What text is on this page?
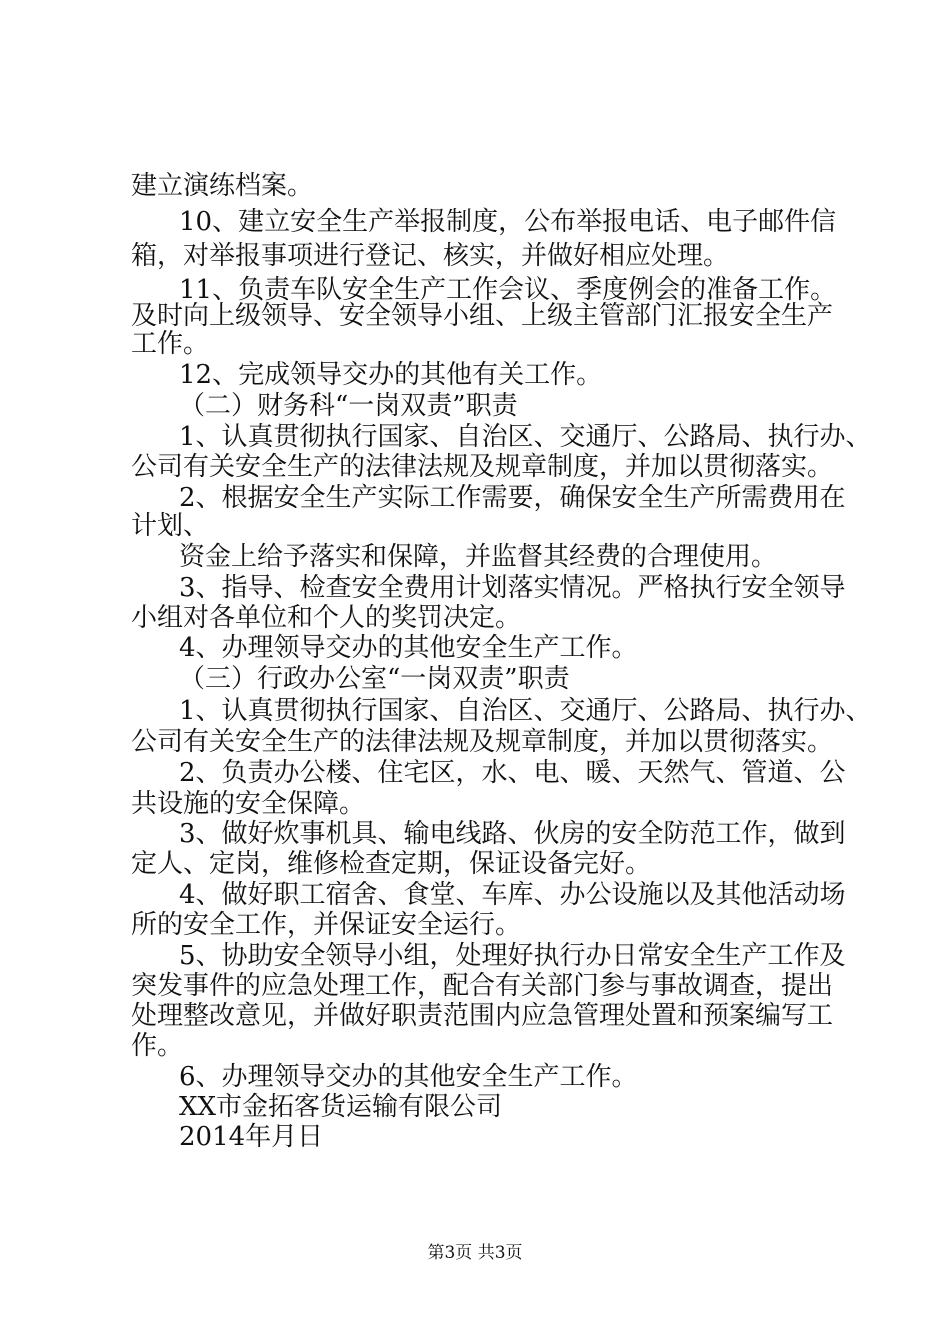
建立演练档案。
10、建立安全生产举报制度，公布举报电话、电子邮件信
箱，对举报事项进行登记、核实，并做好相应处理。
11、负责车队安全生产工作会议、季度例会的准备工作。
及时向上级领导、安全领导小组、上级主管部门汇报安全生产
工作。
12、完成领导交办的其他有关工作。
（二）财务科“一岗双责”职责
1、认真贯彻执行国家、自治区、交通厅、公路局、执行办、
公司有关安全生产的法律法规及规章制度，并加以贯彻落实。
2、根据安全生产实际工作需要，确保安全生产所需费用在
计划、
资金上给予落实和保障，并监督其经费的合理使用。
3、指导、检查安全费用计划落实情况。严格执行安全领导
小组对各单位和个人的奖罚决定。
4、办理领导交办的其他安全生产工作。
（三）行政办公室“一岗双责”职责
1、认真贯彻执行国家、自治区、交通厅、公路局、执行办、
公司有关安全生产的法律法规及规章制度，并加以贯彻落实。
2、负责办公楼、住宅区，水、电、暖、天然气、管道、公
共设施的安全保障。
3、做好炊事机具、输电线路、伙房的安全防范工作，做到
定人、定岗，维修检查定期，保证设备完好。
4、做好职工宿舍、食堂、车库、办公设施以及其他活动场
所的安全工作，并保证安全运行。
5、协助安全领导小组，处理好执行办日常安全生产工作及
突发事件的应急处理工作，配合有关部门参与事故调查，提出
处理整改意见，并做好职责范围内应急管理处置和预案编写工
作。
6、办理领导交办的其他安全生产工作。
XX市金拓客货运输有限公司
2014年月日
第3页 共3页
